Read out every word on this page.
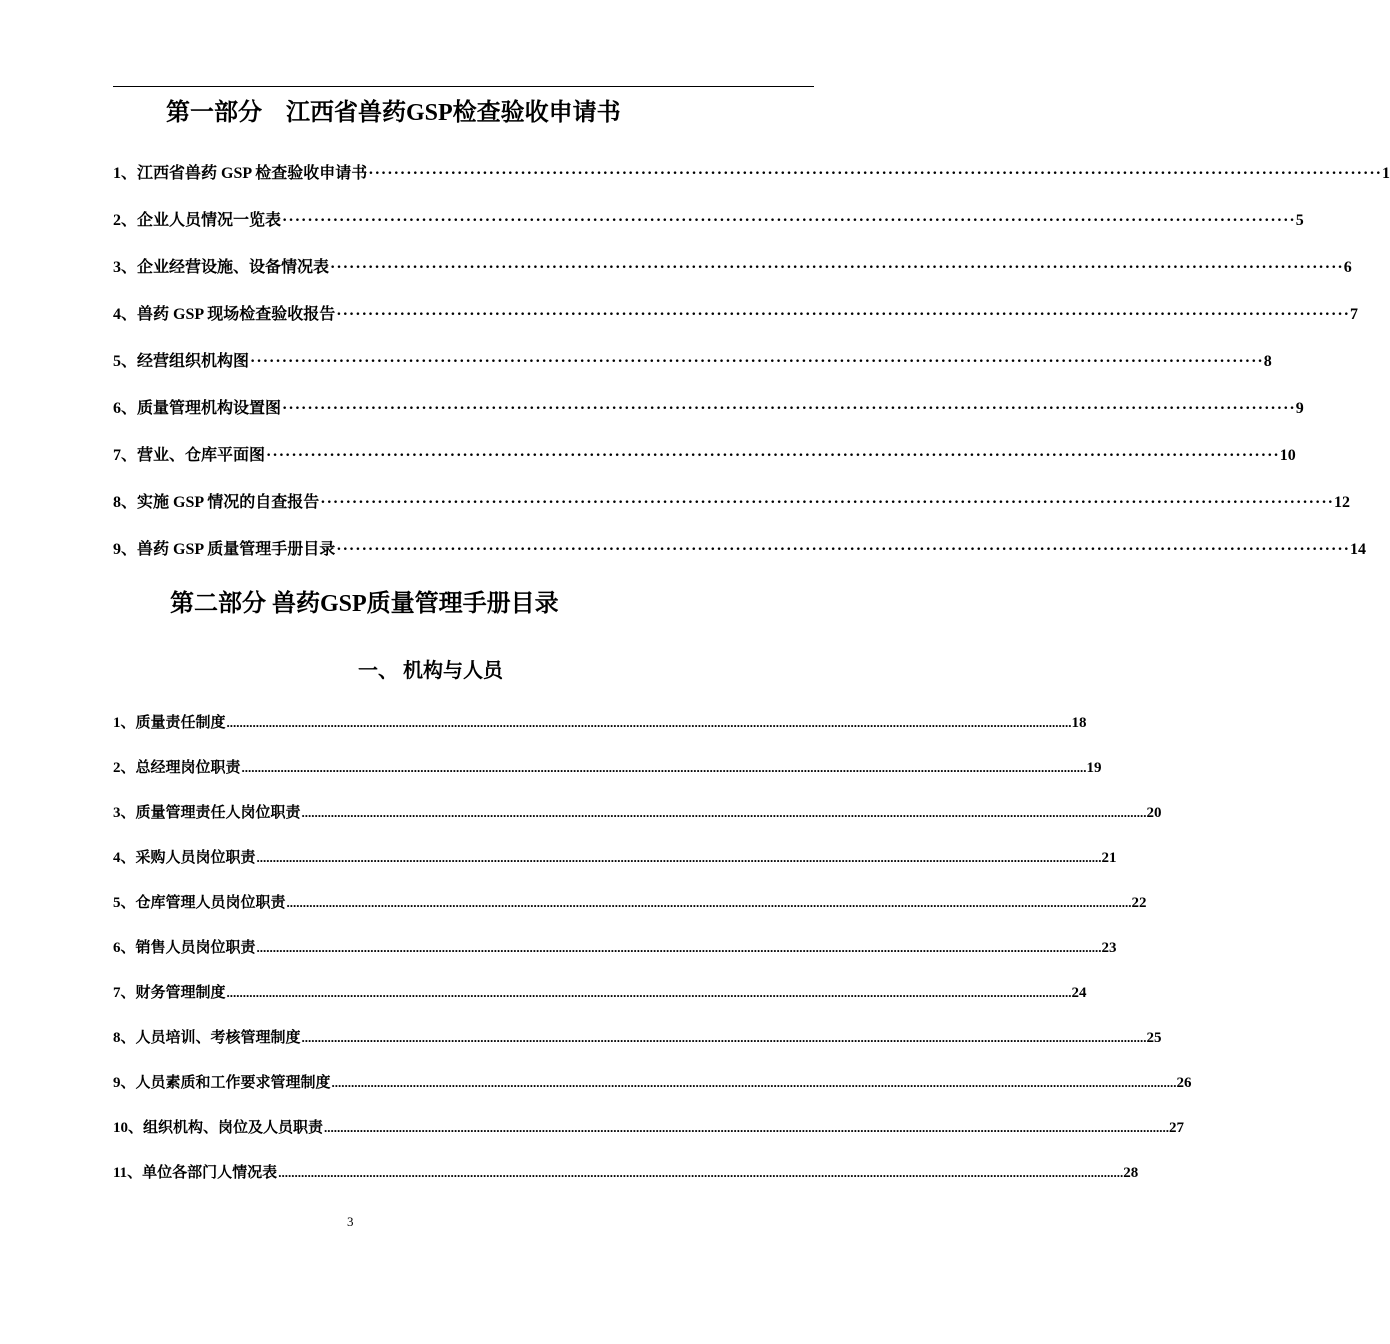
第一部分　江西省兽药GSP检查验收申请书
1、江西省兽药 GSP 检查验收申请书 ································································································································································ 1
2、企业人员情况一览表 ································································································································································ 5
3、企业经营设施、设备情况表 ································································································································································ 6
4、兽药 GSP 现场检查验收报告 ································································································································································ 7
5、经营组织机构图 ································································································································································ 8
6、质量管理机构设置图 ································································································································································ 9
7、营业、仓库平面图 ································································································································································ 10
8、实施 GSP 情况的自查报告 ································································································································································ 12
9、兽药 GSP 质量管理手册目录 ································································································································································ 14
第二部分 兽药GSP质量管理手册目录
一、 机构与人员
1、质量责任制度 .................................................................................................................................................................................................................................................................... 18
2、总经理岗位职责 .................................................................................................................................................................................................................................................................... 19
3、质量管理责任人岗位职责 .................................................................................................................................................................................................................................................................... 20
4、采购人员岗位职责 .................................................................................................................................................................................................................................................................... 21
5、仓库管理人员岗位职责 .................................................................................................................................................................................................................................................................... 22
6、销售人员岗位职责 .................................................................................................................................................................................................................................................................... 23
7、财务管理制度 .................................................................................................................................................................................................................................................................... 24
8、人员培训、考核管理制度 .................................................................................................................................................................................................................................................................... 25
9、人员素质和工作要求管理制度 .................................................................................................................................................................................................................................................................... 26
10、组织机构、岗位及人员职责 .................................................................................................................................................................................................................................................................... 27
11、单位各部门人情况表 .................................................................................................................................................................................................................................................................... 28
3
